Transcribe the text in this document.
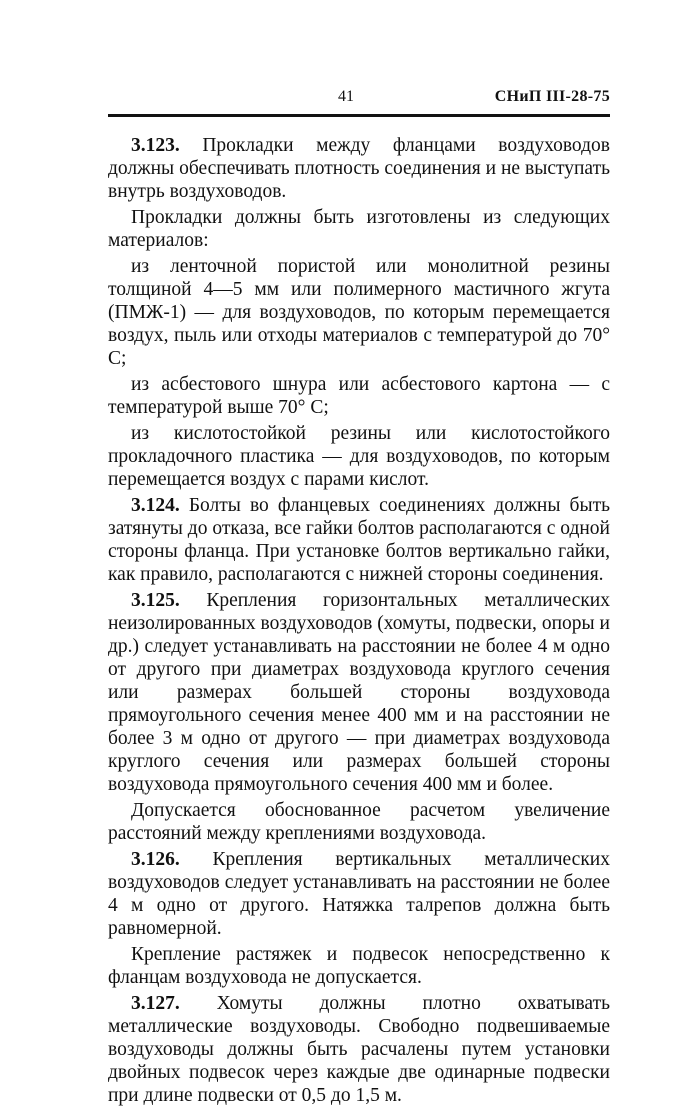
41	СНиП III-28-75

3.123. Прокладки между фланцами воздуховодов должны обеспечивать плотность соединения и не выступать внутрь воздуховодов.

Прокладки должны быть изготовлены из следующих материалов:

из ленточной пористой или монолитной резины толщиной 4—5 мм или полимерного мастичного жгута (ПМЖ-1) — для воздуховодов, по которым перемещается воздух, пыль или отходы материалов с температурой до 70° С;

из асбестового шнура или асбестового картона — с температурой выше 70° С;

из кислотостойкой резины или кислотостойкого прокладочного пластика — для воздуховодов, по которым перемещается воздух с парами кислот.

3.124. Болты во фланцевых соединениях должны быть затянуты до отказа, все гайки болтов располагаются с одной стороны фланца. При установке болтов вертикально гайки, как правило, располагаются с нижней стороны соединения.

3.125. Крепления горизонтальных металлических неизолированных воздуховодов (хомуты, подвески, опоры и др.) следует устанавливать на расстоянии не более 4 м одно от другого при диаметрах воздуховода круглого сечения или размерах большей стороны воздуховода прямоугольного сечения менее 400 мм и на расстоянии не более 3 м одно от другого — при диаметрах воздуховода круглого сечения или размерах большей стороны воздуховода прямоугольного сечения 400 мм и более.

Допускается обоснованное расчетом увеличение расстояний между креплениями воздуховода.

3.126. Крепления вертикальных металлических воздуховодов следует устанавливать на расстоянии не более 4 м одно от другого. Натяжка талрепов должна быть равномерной.

Крепление растяжек и подвесок непосредственно к фланцам воздуховода не допускается.

3.127. Хомуты должны плотно охватывать металлические воздуховоды. Свободно подвешиваемые воздуховоды должны быть расчалены путем установки двойных подвесок через каждые две одинарные подвески при длине подвески от 0,5 до 1,5 м.
